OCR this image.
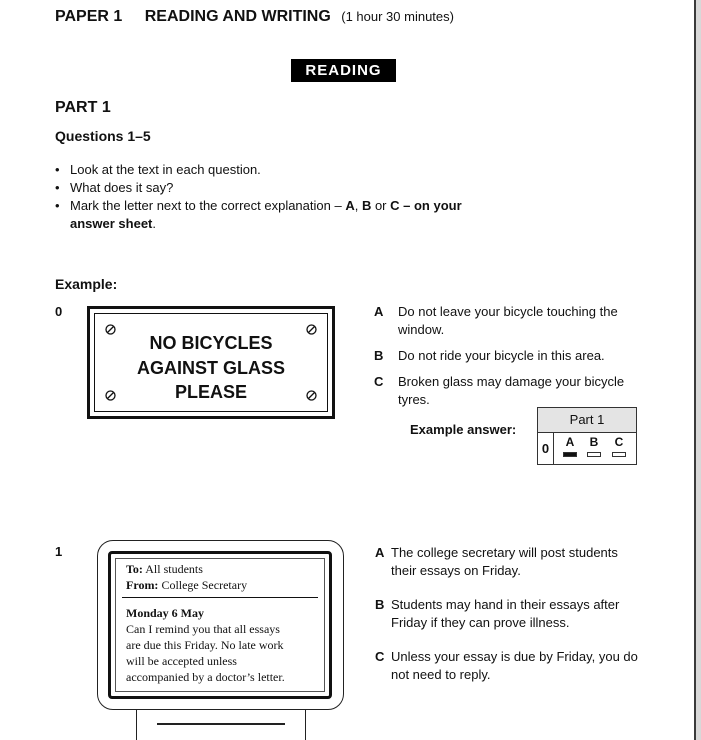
PAPER 1 READING AND WRITING (1 hour 30 minutes)
READING
PART 1
Questions 1–5
• Look at the text in each question.
• What does it say?
• Mark the letter next to the correct explanation – A, B or C – on your
answer sheet.
Example:
0
NO BICYCLES
AGAINST GLASS
PLEASE
A Do not leave your bicycle touching the window.
B Do not ride your bicycle in this area.
C Broken glass may damage your bicycle tyres.
Example answer:
Part 1
0	A	B	C
1
To: All students
From: College Secretary
Monday 6 May
Can I remind you that all essays
are due this Friday. No late work
will be accepted unless
accompanied by a doctor’s letter.
A The college secretary will post students their essays on Friday.
B Students may hand in their essays after Friday if they can prove illness.
C Unless your essay is due by Friday, you do not need to reply.
